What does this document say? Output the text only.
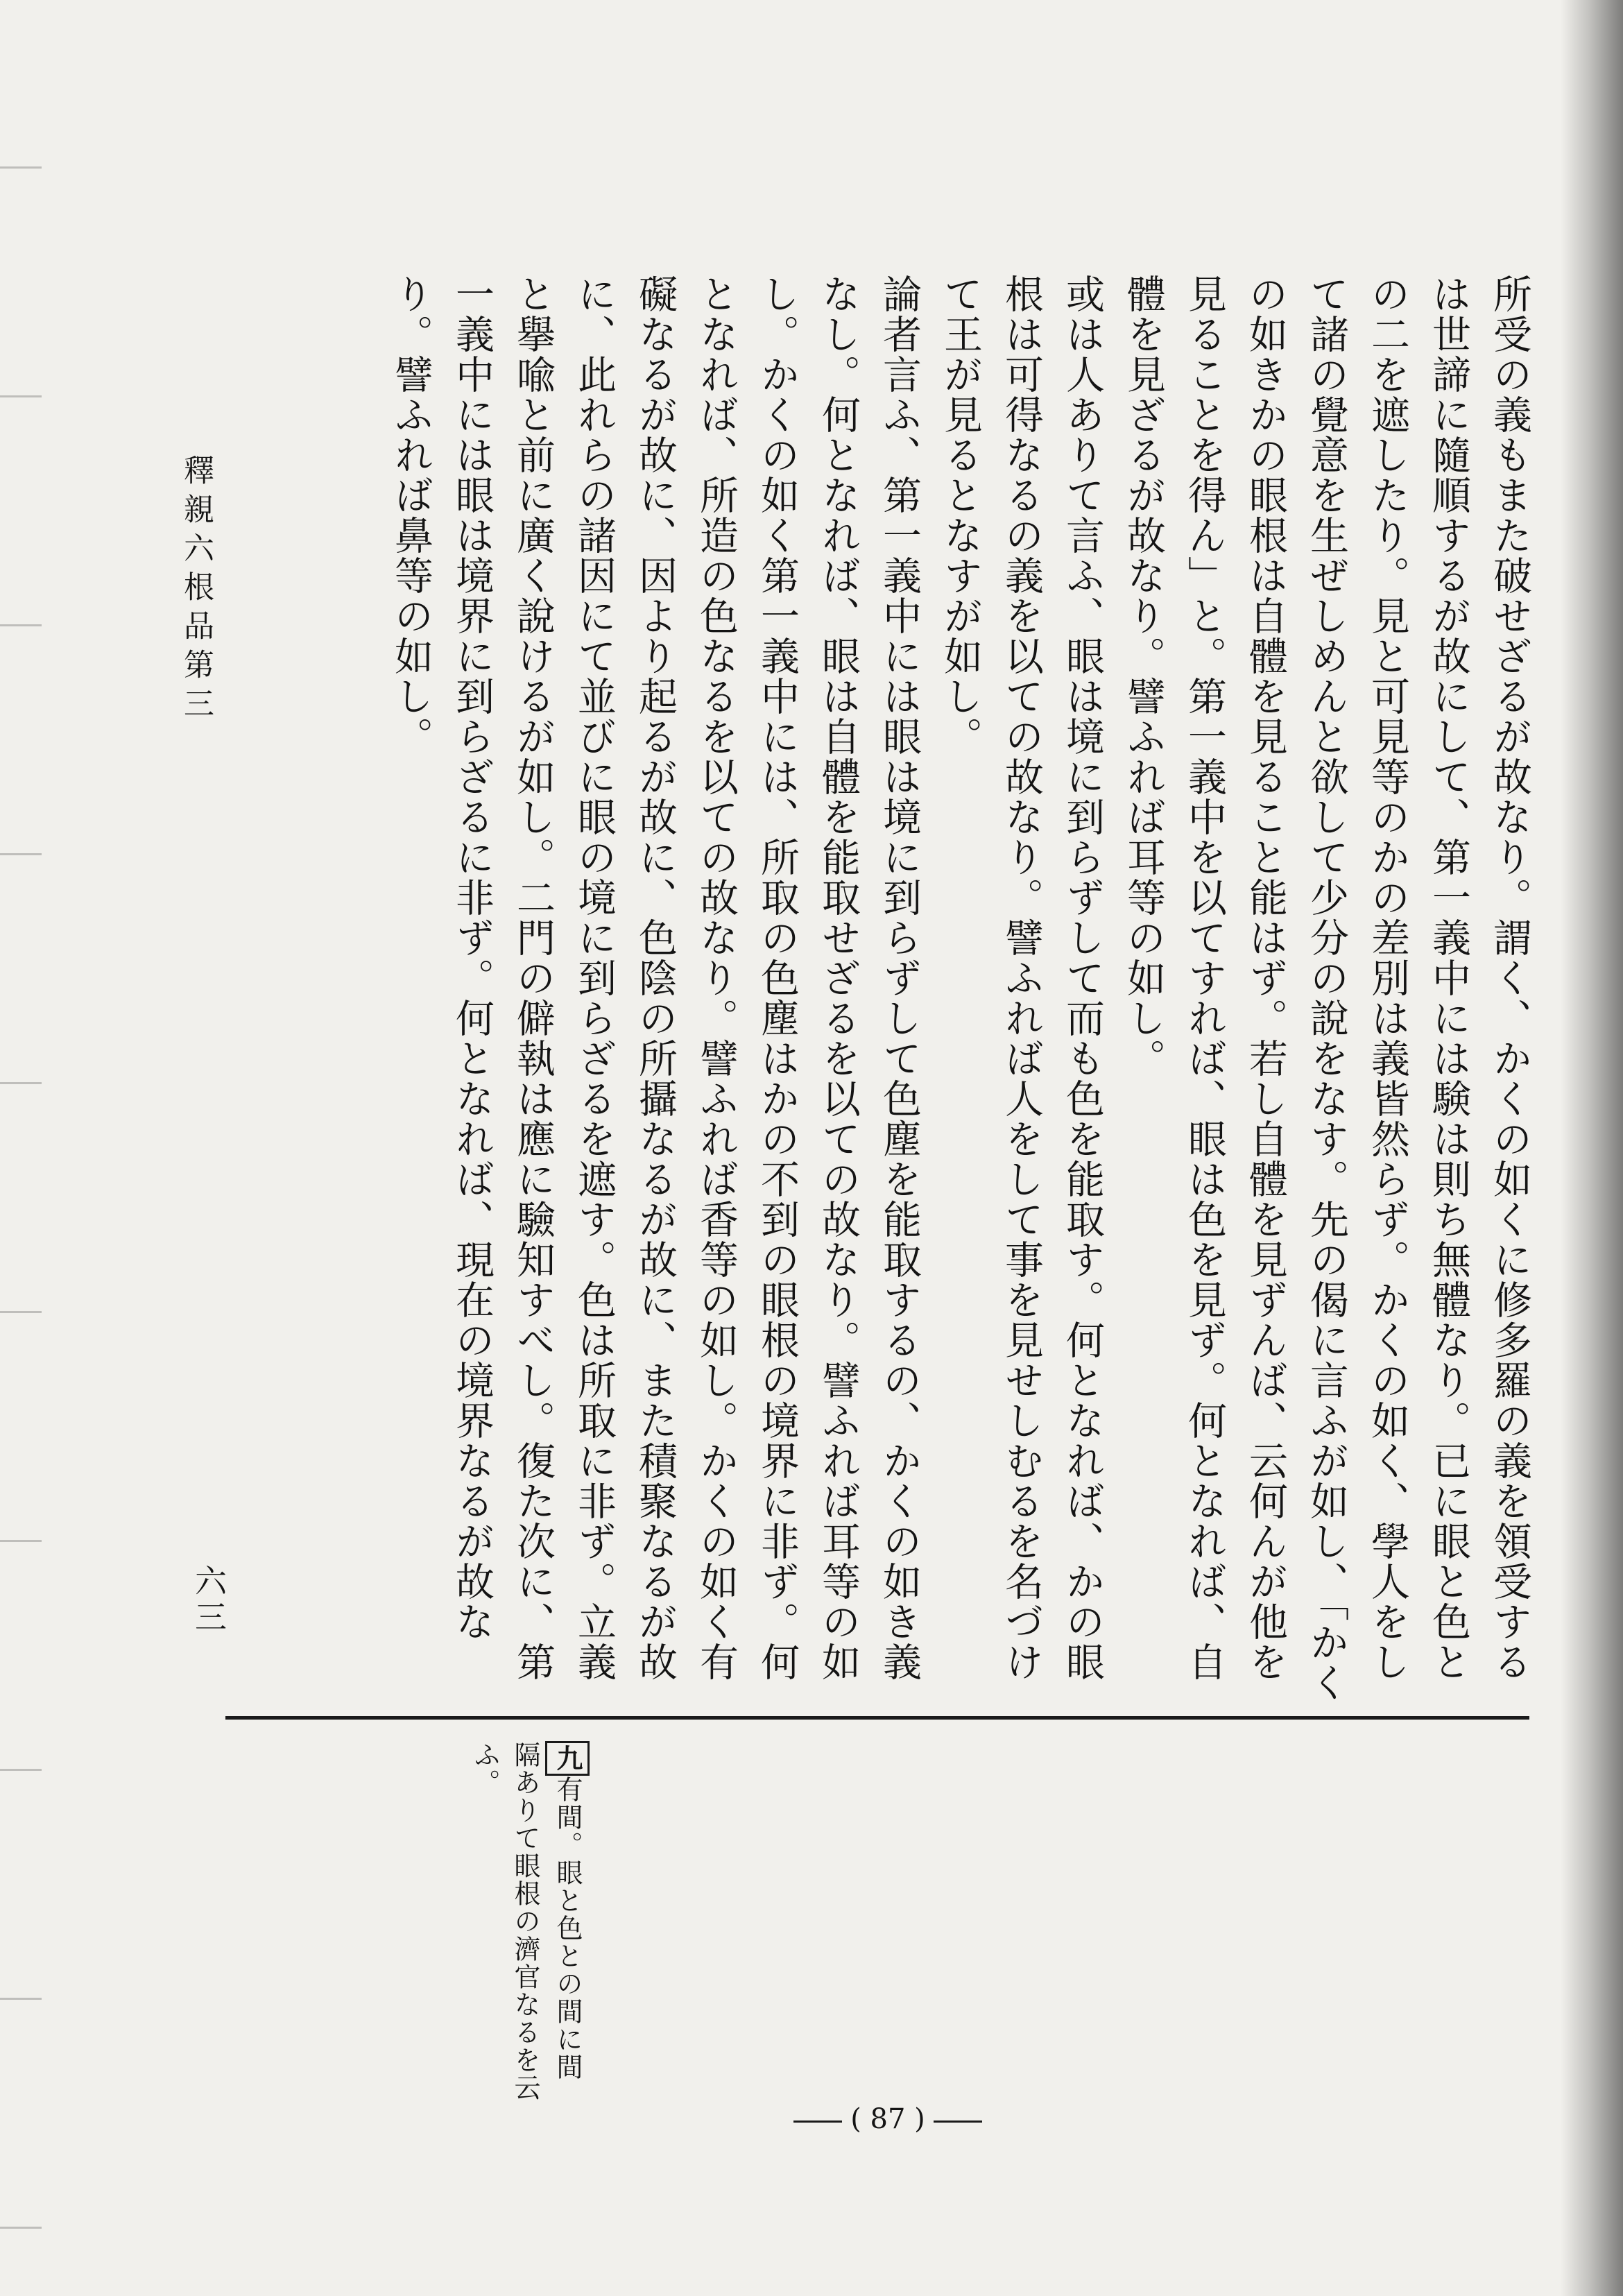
所受の義もまた破せざるが故なり。謂く、かくの如くに修多羅の義を領受するは世諦に隨順するが故にして、第一義中には験は則ち無體なり。已に眼と色との二を遮したり。見と可見等のかの差別は義皆然らず。かくの如く、學人をして諸の覺意を生ぜしめんと欲して少分の說をなす。先の偈に言ふが如し、「かくの如きかの眼根は自體を見ること能はず。若し自體を見ずんば、云何んが他を見ることを得ん」と。第一義中を以てすれば、眼は色を見ず。何となれば、自體を見ざるが故なり。譬ふれば耳等の如し。

或は人ありて言ふ、眼は境に到らずして而も色を能取す。何となれば、かの眼根は可得なるの義を以ての故なり。譬ふれば人をして事を見せしむるを名づけて王が見るとなすが如し。

論者言ふ、第一義中には眼は境に到らずして色塵を能取するの、かくの如き義なし。何となれば、眼は自體を能取せざるを以ての故なり。譬ふれば耳等の如し。かくの如く第一義中には、所取の色塵はかの不到の眼根の境界に非ず。何となれば、所造の色なるを以ての故なり。譬ふれば香等の如し。かくの如く有礙なるが故に、因より起るが故に、色陰の所攝なるが故に、また積聚なるが故に、此れらの諸因にて並びに眼の境に到らざるを遮す。色は所取に非ず。立義と擧喩と前に廣く說けるが如し。二門の僻執は應に驗知すべし。復た次に、第一義中には眼は境界に到らざるに非ず。何となれば、現在の境界なるが故なり。譬ふれば鼻等の如し。

釋親六根品第三
六三
九有間。眼と色との間に間隔ありて眼根の濟官なるを云ふ。
( 87 )
